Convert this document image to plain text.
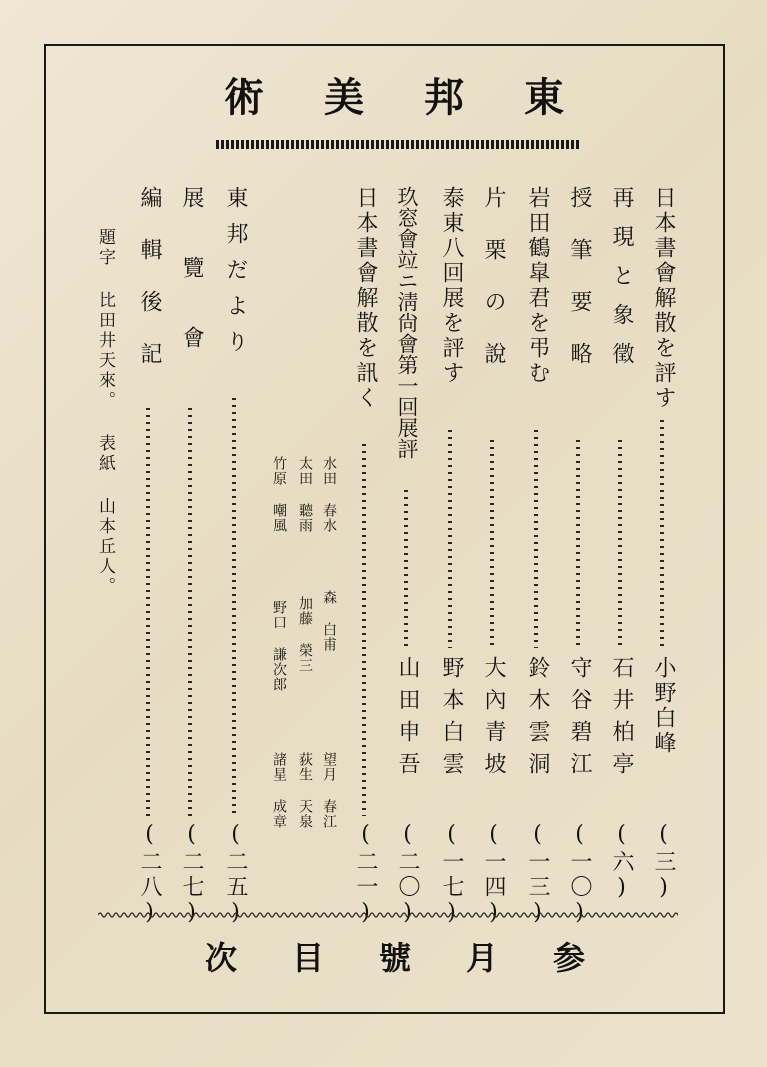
術 美 邦 東
日本書會解散を評す
小野白峰
(三)
再現と象徵
石井柏亭
(六)
授筆要略
守谷碧江
(一〇)
岩田鶴皐君を弔む
鈴木雲洞
(一三)
片栗の說
大內青坡
(一四)
泰東八回展を評す
野本白雲
(一七)
玖窓會竝ニ淸尙會第一回展評
山田申吾
(二〇)
日本書會解散を訊く
(二一)
水田 春水
森 白甫
望月 春江
太田 聽雨
加藤 榮三
荻生 天泉
竹原 嘲風
野口 謙次郎
諸星 成章
東邦だより
(二五)
展覽會
(二七)
編輯後記
(二八)
題字 比田井天來。 表紙 山本丘人。
次 目 號 月 参
